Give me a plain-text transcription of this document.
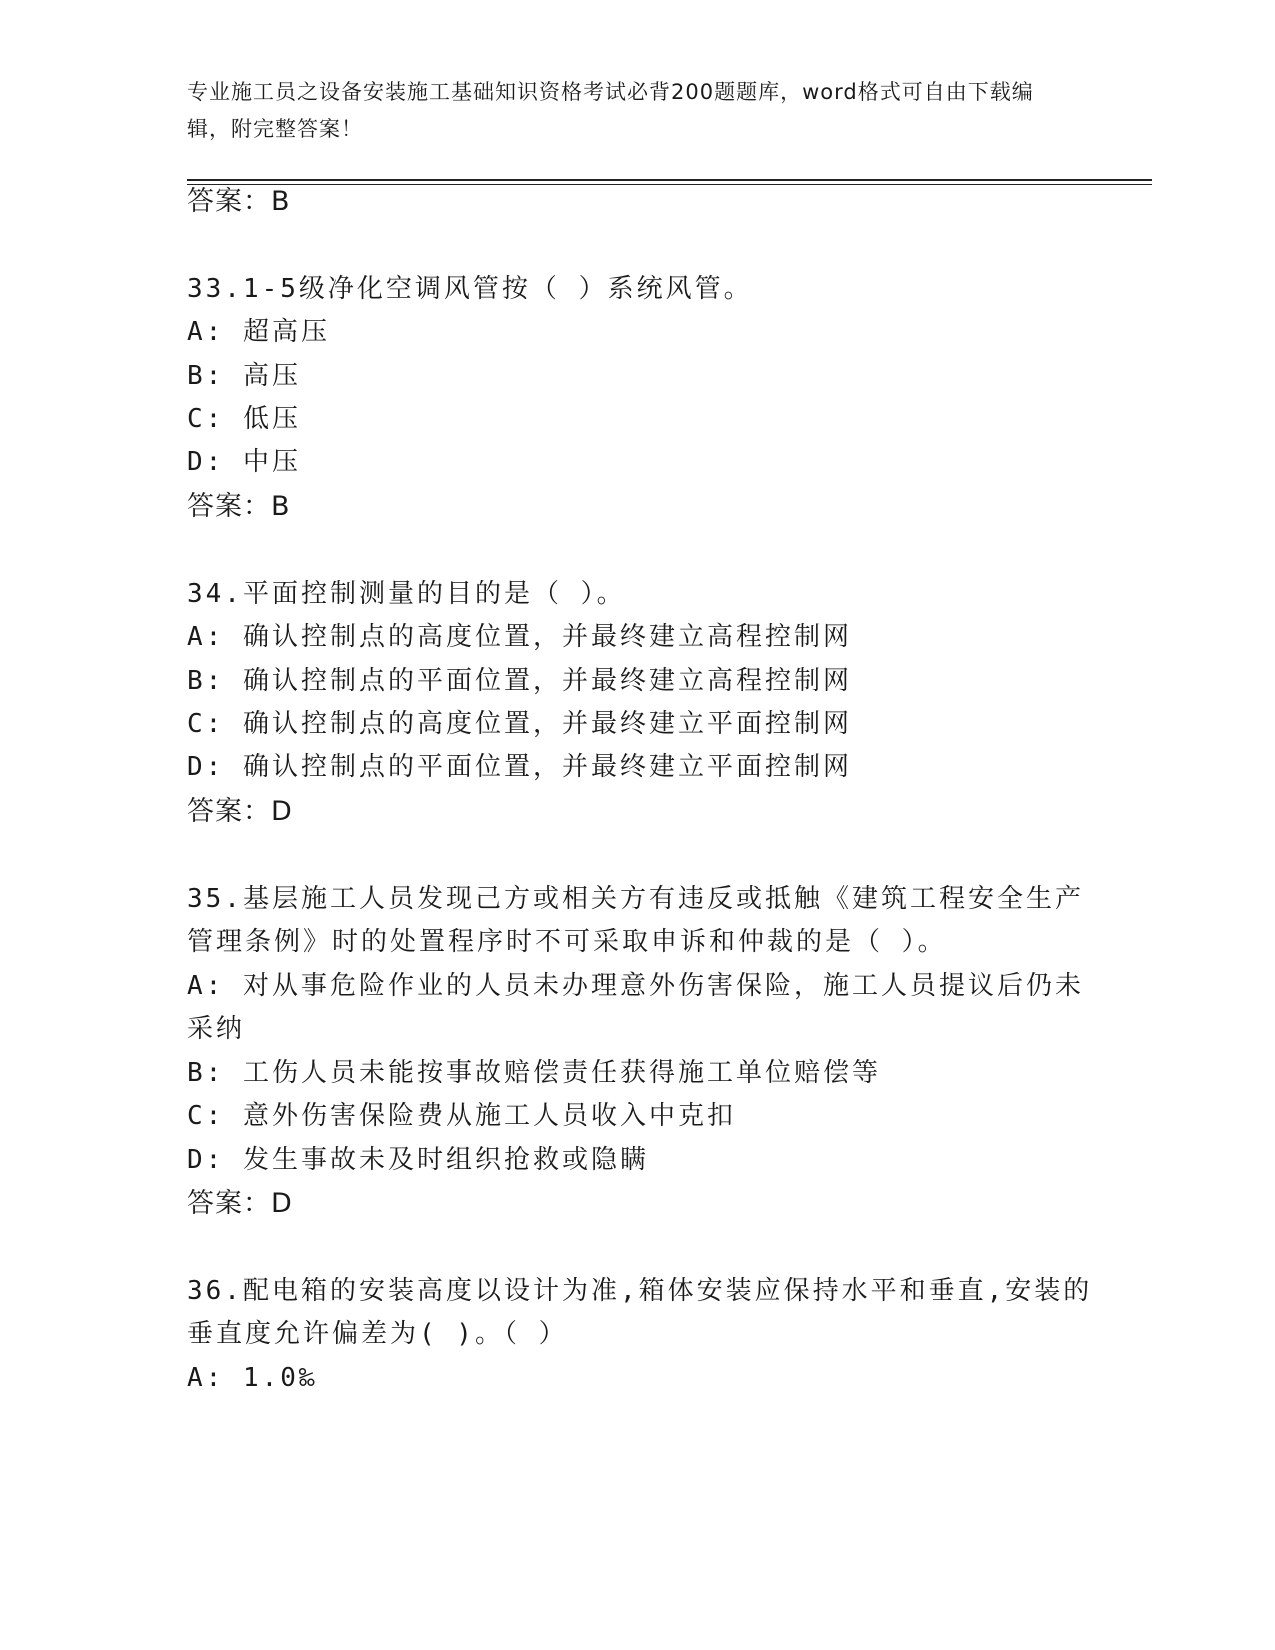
专业施工员之设备安装施工基础知识资格考试必背200题题库，word格式可自由下载编辑，附完整答案！
答案：B
33.1-5级净化空调风管按（ ）系统风管。
A: 超高压
B: 高压
C: 低压
D: 中压
答案：B
34.平面控制测量的目的是（ ）。
A: 确认控制点的高度位置，并最终建立高程控制网
B: 确认控制点的平面位置，并最终建立高程控制网
C: 确认控制点的高度位置，并最终建立平面控制网
D: 确认控制点的平面位置，并最终建立平面控制网
答案：D
35.基层施工人员发现己方或相关方有违反或抵触《建筑工程安全生产
管理条例》时的处置程序时不可采取申诉和仲裁的是（ ）。
A: 对从事危险作业的人员未办理意外伤害保险，施工人员提议后仍未
采纳
B: 工伤人员未能按事故赔偿责任获得施工单位赔偿等
C: 意外伤害保险费从施工人员收入中克扣
D: 发生事故未及时组织抢救或隐瞒
答案：D
36.配电箱的安装高度以设计为准,箱体安装应保持水平和垂直,安装的
垂直度允许偏差为( )。（ ）
A: 1.0‰
